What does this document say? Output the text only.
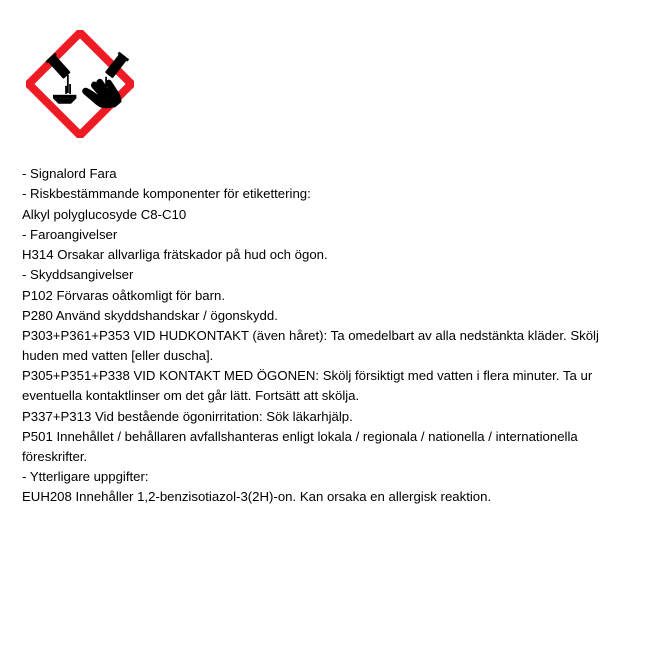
- Signalord Fara

- Riskbestämmande komponenter för etikettering:

Alkyl polyglucosyde C8-C10

- Faroangivelser

H314 Orsakar allvarliga frätskador på hud och ögon.

- Skyddsangivelser

P102 Förvaras oåtkomligt för barn.

P280 Använd skyddshandskar / ögonskydd.

P303+P361+P353 VID HUDKONTAKT (även håret): Ta omedelbart av alla nedstänkta kläder. Skölj huden med vatten [eller duscha].

P305+P351+P338 VID KONTAKT MED ÖGONEN: Skölj försiktigt med vatten i flera minuter. Ta ur eventuella kontaktlinser om det går lätt. Fortsätt att skölja.

P337+P313 Vid bestående ögonirritation: Sök läkarhjälp.

P501 Innehållet / behållaren avfallshanteras enligt lokala / regionala / nationella / internationella föreskrifter.

- Ytterligare uppgifter:

EUH208 Innehåller 1,2-benzisotiazol-3(2H)-on. Kan orsaka en allergisk reaktion.
